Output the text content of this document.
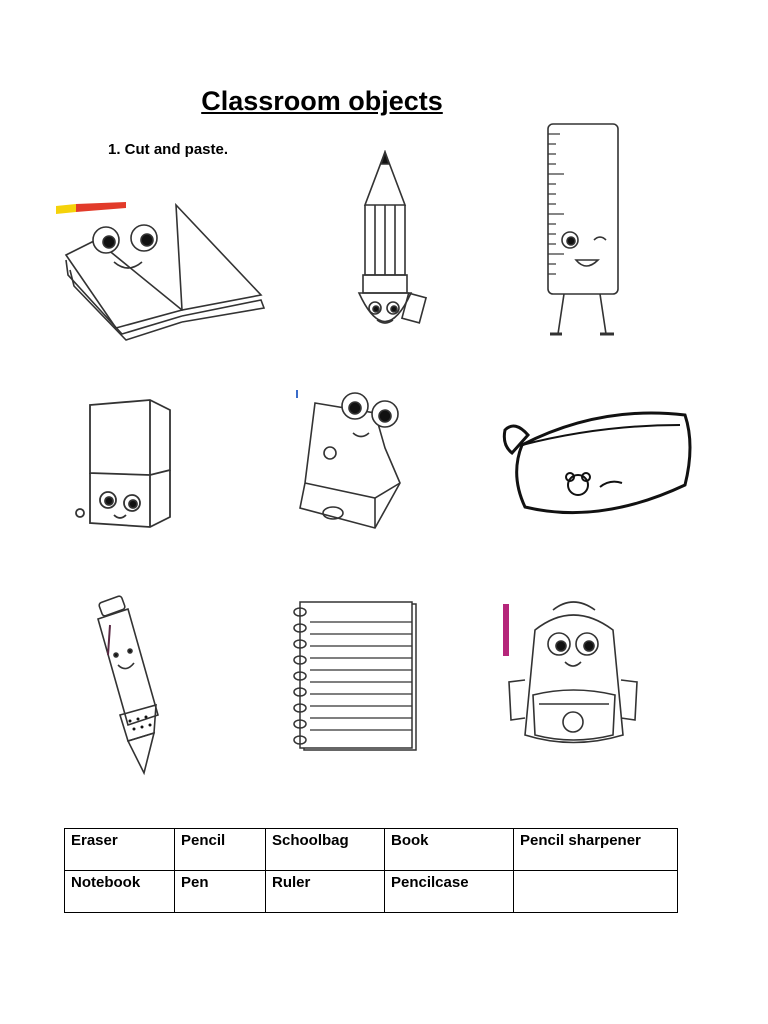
Classroom objects
1. Cut and paste.
Eraser	Pencil	Schoolbag	Book	Pencil sharpener
Notebook	Pen	Ruler	Pencilcase	
